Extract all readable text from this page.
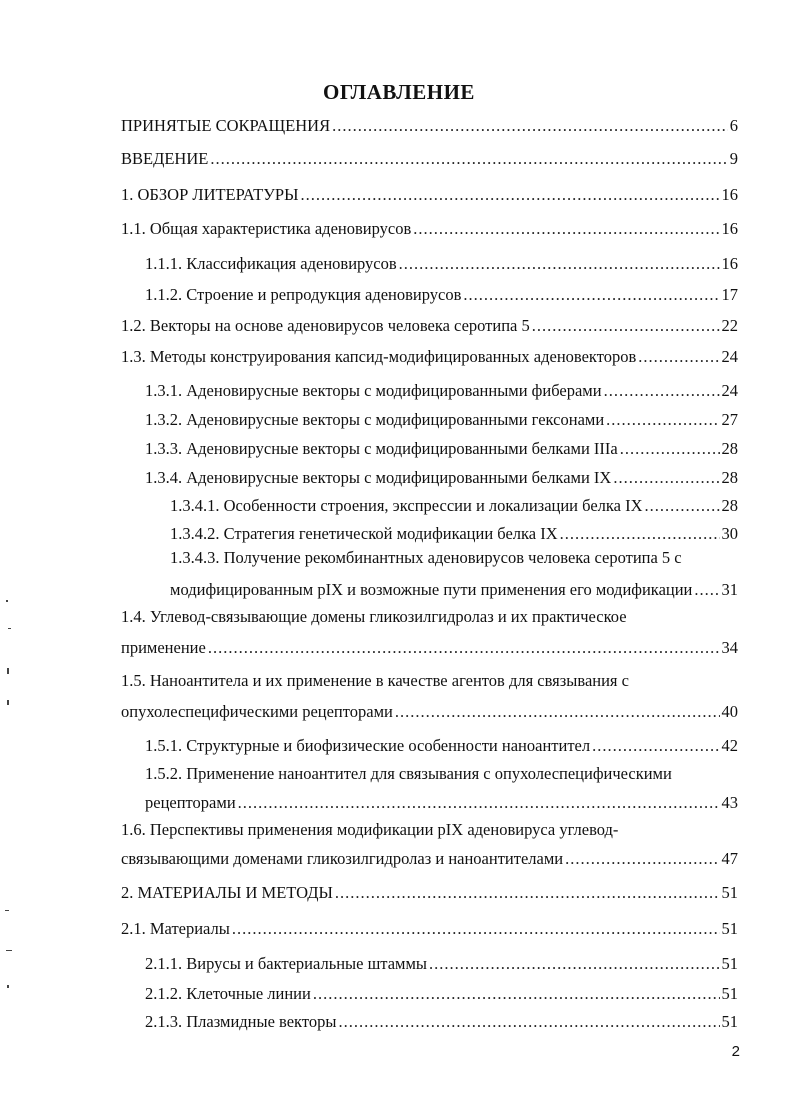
ОГЛАВЛЕНИЕ
ПРИНЯТЫЕ СОКРАЩЕНИЯ .....	6
ВВЕДЕНИЕ .....	9
1. ОБЗОР ЛИТЕРАТУРЫ .....	16
1.1. Общая характеристика аденовирусов .....	16
1.1.1. Классификация аденовирусов .....	16
1.1.2. Строение и репродукция аденовирусов .....	17
1.2. Векторы на основе аденовирусов человека серотипа 5 .....	22
1.3. Методы конструирования капсид-модифицированных аденовекторов .....	24
1.3.1. Аденовирусные векторы с модифицированными фиберами .....	24
1.3.2. Аденовирусные векторы с модифицированными гексонами .....	27
1.3.3. Аденовирусные векторы с модифицированными белками IIIa .....	28
1.3.4. Аденовирусные векторы с модифицированными белками IX .....	28
1.3.4.1. Особенности строения, экспрессии и локализации белка IX .....	28
1.3.4.2. Стратегия генетической модификации белка IX .....	30
1.3.4.3. Получение рекомбинантных аденовирусов человека серотипа 5 с
модифицированным pIX и возможные пути применения его модификации ..... 31
1.4. Углевод-связывающие домены гликозилгидролаз и их практическое
применение .....	34
1.5. Наноантитела и их применение в качестве агентов для связывания с
опухолеспецифическими рецепторами .....	40
1.5.1. Структурные и биофизические особенности наноантител .....	42
1.5.2. Применение наноантител для связывания с опухолеспецифическими
рецепторами .....	43
1.6. Перспективы применения модификации pIX аденовируса углевод-
связывающими доменами гликозилгидролаз и наноантителами .....	47
2. МАТЕРИАЛЫ И МЕТОДЫ .....	51
2.1. Материалы .....	51
2.1.1. Вирусы и бактериальные штаммы .....	51
2.1.2. Клеточные линии .....	51
2.1.3. Плазмидные векторы .....	51
2
